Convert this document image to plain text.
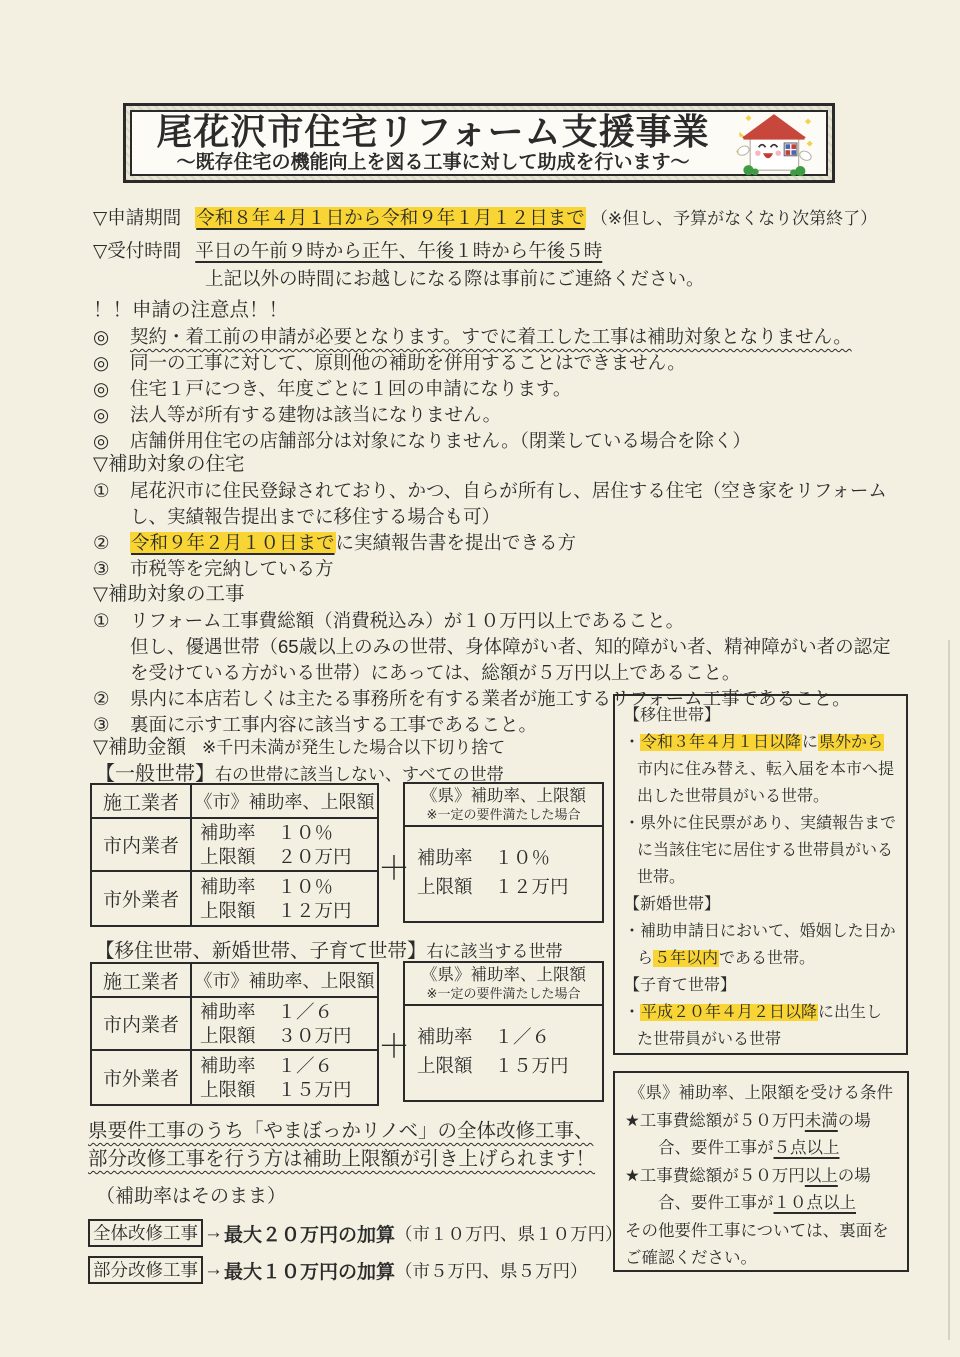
尾花沢市住宅リフォーム支援事業
～既存住宅の機能向上を図る工事に対して助成を行います～
▽申請期間 令和８年４月１日から令和９年１月１２日まで （※但し、予算がなくなり次第終了）
▽受付時間 平日の午前９時から正午、午後１時から午後５時
上記以外の時間にお越しになる際は事前にご連絡ください。
！！申請の注意点！！
◎ 契約・着工前の申請が必要となります。すでに着工した工事は補助対象となりません。
◎ 同一の工事に対して、原則他の補助を併用することはできません。
◎ 住宅１戸につき、年度ごとに１回の申請になります。
◎ 法人等が所有する建物は該当になりません。
◎ 店舗併用住宅の店舗部分は対象になりません。（閉業している場合を除く）
▽補助対象の住宅

① 尾花沢市に住民登録されており、かつ、自らが所有し、居住する住宅（空き家をリフォームし、実績報告提出までに移住する場合も可）

② 令和９年２月１０日までに実績報告書を提出できる方

③ 市税等を完納している方

▽補助対象の工事

① リフォーム工事費総額（消費税込み）が１０万円以上であること。

但し、優遇世帯（65歳以上のみの世帯、身体障がい者、知的障がい者、精神障がい者の認定を受けている方がいる世帯）にあっては、総額が５万円以上であること。

② 県内に本店若しくは主たる事務所を有する業者が施工するリフォーム工事であること。

③ 裏面に示す工事内容に該当する工事であること。

▽補助金額 ※千円未満が発生した場合以下切り捨て
【一般世帯】右の世帯に該当しない、すべての世帯
施工業者 《市》補助率、上限額
市内業者
補助率 １０％
上限額 ２０万円
市外業者
補助率 １０％
上限額 １２万円
＋
《県》補助率、上限額
※一定の要件満たした場合
補助率 １０％
上限額 １２万円
【移住世帯、新婚世帯、子育て世帯】右に該当する世帯
施工業者 《市》補助率、上限額
市内業者
補助率 １／６
上限額 ３０万円
市外業者
補助率 １／６
上限額 １５万円
＋
《県》補助率、上限額
※一定の要件満たした場合
補助率 １／６
上限額 １５万円

【移住世帯】

・令和３年４月１日以降に県外から市内に住み替え、転入届を本市へ提出した世帯員がいる世帯。

・県外に住民票があり、実績報告までに当該住宅に居住する世帯員がいる世帯。

【新婚世帯】

・補助申請日において、婚姻した日から５年以内である世帯。

【子育て世帯】

・平成２０年４月２日以降に出生した世帯員がいる世帯

《県》補助率、上限額を受ける条件

★工事費総額が５０万円未満の場合、要件工事が５点以上

★工事費総額が５０万円以上の場合、要件工事が１０点以上

その他要件工事については、裏面をご確認ください。

県要件工事のうち「やまぼっかリノベ」の全体改修工事、

部分改修工事を行う方は補助上限額が引き上げられます！

（補助率はそのまま）

全体改修工事 → 最大２０万円の加算 （市１０万円、県１０万円）
部分改修工事 → 最大１０万円の加算 （市５万円、県５万円）
